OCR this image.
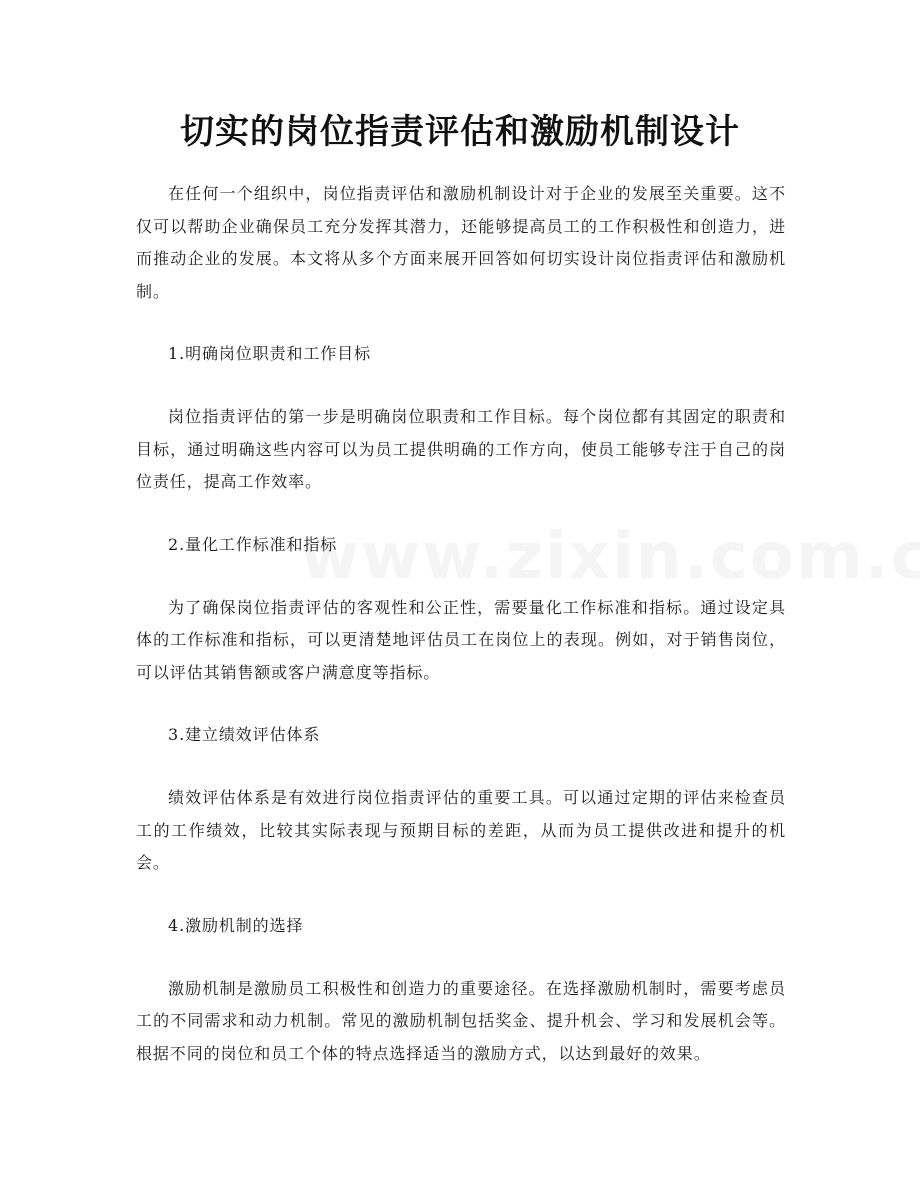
切实的岗位指责评估和激励机制设计

在任何一个组织中，岗位指责评估和激励机制设计对于企业的发展至关重要。这不仅可以帮助企业确保员工充分发挥其潜力，还能够提高员工的工作积极性和创造力，进而推动企业的发展。本文将从多个方面来展开回答如何切实设计岗位指责评估和激励机制。

1.明确岗位职责和工作目标

岗位指责评估的第一步是明确岗位职责和工作目标。每个岗位都有其固定的职责和目标，通过明确这些内容可以为员工提供明确的工作方向，使员工能够专注于自己的岗位责任，提高工作效率。

2.量化工作标准和指标

为了确保岗位指责评估的客观性和公正性，需要量化工作标准和指标。通过设定具体的工作标准和指标，可以更清楚地评估员工在岗位上的表现。例如，对于销售岗位，可以评估其销售额或客户满意度等指标。

3.建立绩效评估体系

绩效评估体系是有效进行岗位指责评估的重要工具。可以通过定期的评估来检查员工的工作绩效，比较其实际表现与预期目标的差距，从而为员工提供改进和提升的机会。

4.激励机制的选择

激励机制是激励员工积极性和创造力的重要途径。在选择激励机制时，需要考虑员工的不同需求和动力机制。常见的激励机制包括奖金、提升机会、学习和发展机会等。根据不同的岗位和员工个体的特点选择适当的激励方式，以达到最好的效果。
